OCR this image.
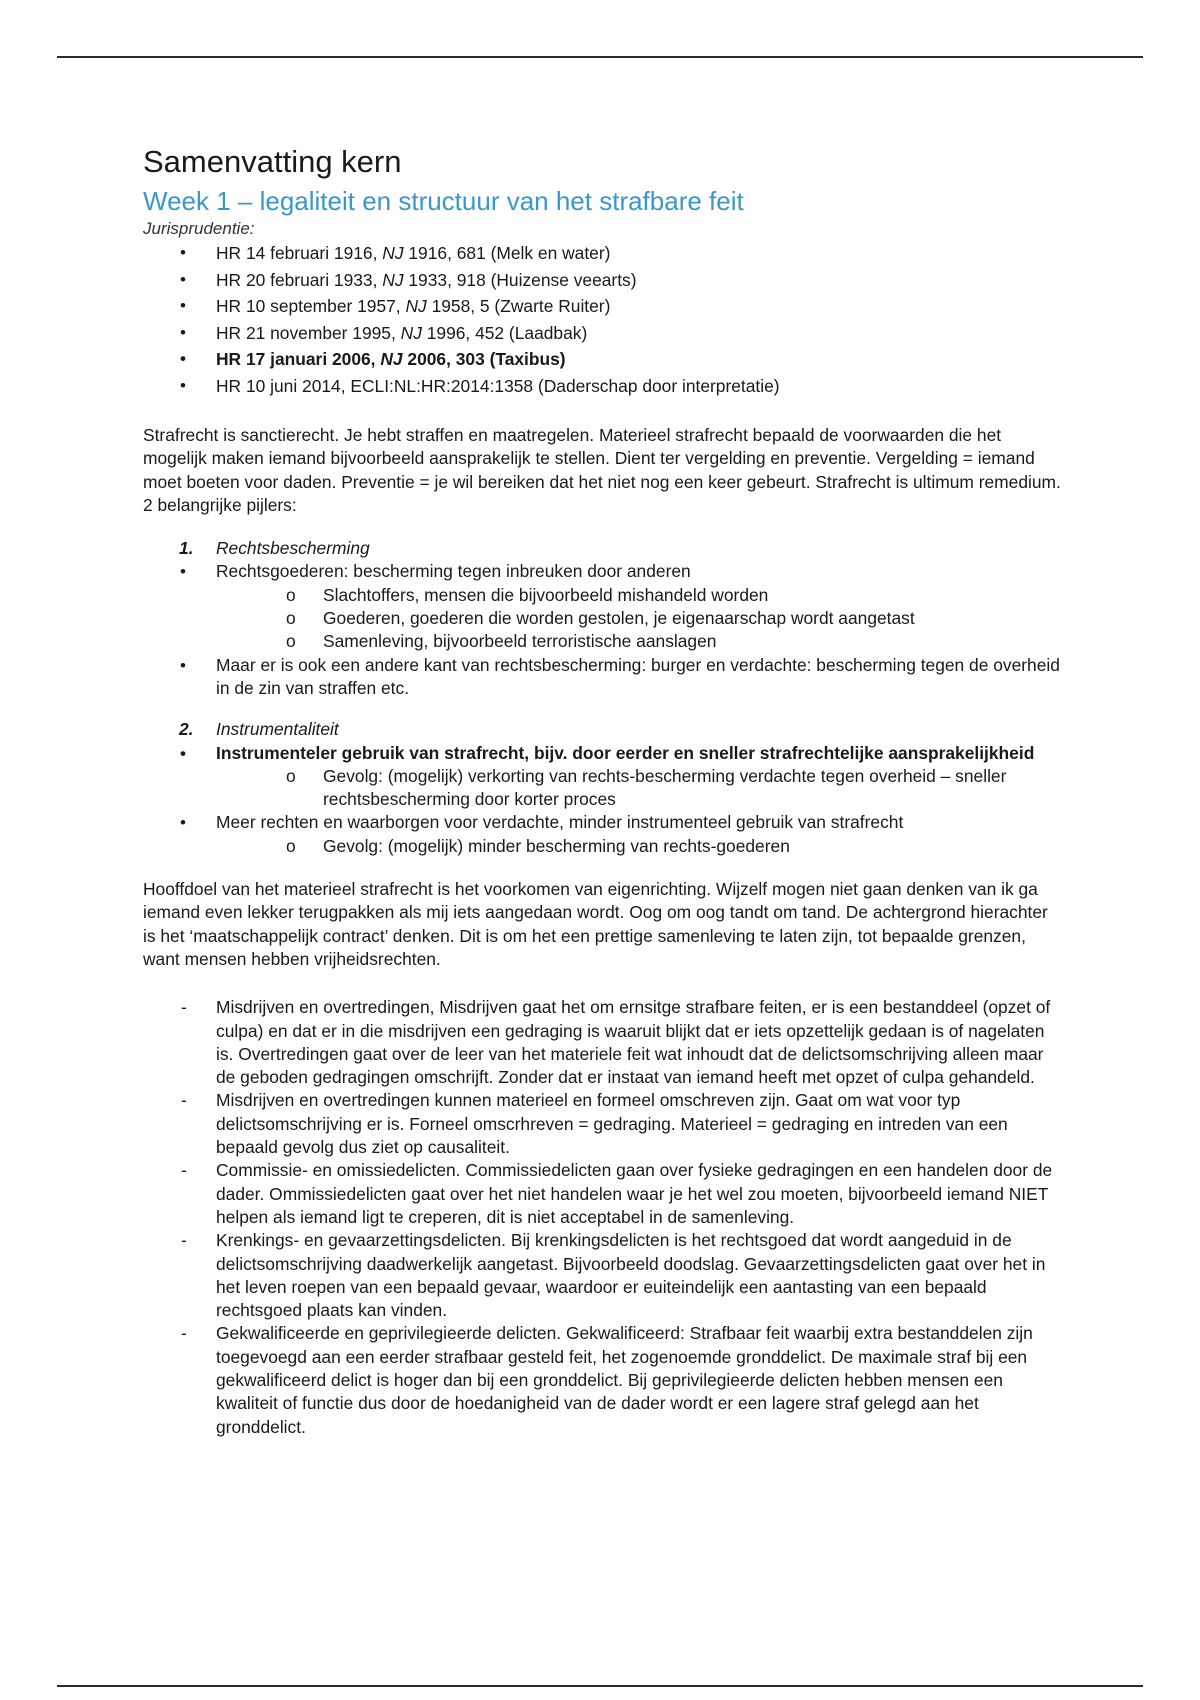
Samenvatting kern
Week 1 – legaliteit en structuur van het strafbare feit
Jurisprudentie:
• HR 14 februari 1916, NJ 1916, 681 (Melk en water)
• HR 20 februari 1933, NJ 1933, 918 (Huizense veearts)
• HR 10 september 1957, NJ 1958, 5 (Zwarte Ruiter)
• HR 21 november 1995, NJ 1996, 452 (Laadbak)
• HR 17 januari 2006, NJ 2006, 303 (Taxibus)
• HR 10 juni 2014, ECLI:NL:HR:2014:1358 (Daderschap door interpretatie)

Strafrecht is sanctierecht. Je hebt straffen en maatregelen. Materieel strafrecht bepaald de voorwaarden die het mogelijk maken iemand bijvoorbeeld aansprakelijk te stellen. Dient ter vergelding en preventie. Vergelding = iemand moet boeten voor daden. Preventie = je wil bereiken dat het niet nog een keer gebeurt. Strafrecht is ultimum remedium. 2 belangrijke pijlers:

1. Rechtsbescherming
• Rechtsgoederen: bescherming tegen inbreuken door anderen
o Slachtoffers, mensen die bijvoorbeeld mishandeld worden
o Goederen, goederen die worden gestolen, je eigenaarschap wordt aangetast
o Samenleving, bijvoorbeeld terroristische aanslagen
• Maar er is ook een andere kant van rechtsbescherming: burger en verdachte: bescherming tegen de overheid in de zin van straffen etc.
2. Instrumentaliteit
• Instrumenteler gebruik van strafrecht, bijv. door eerder en sneller strafrechtelijke aansprakelijkheid
o Gevolg: (mogelijk) verkorting van rechts-bescherming verdachte tegen overheid – sneller rechtsbescherming door korter proces
• Meer rechten en waarborgen voor verdachte, minder instrumenteel gebruik van strafrecht
o Gevolg: (mogelijk) minder bescherming van rechts-goederen

Hooffdoel van het materieel strafrecht is het voorkomen van eigenrichting. Wijzelf mogen niet gaan denken van ik ga iemand even lekker terugpakken als mij iets aangedaan wordt. Oog om oog tandt om tand. De achtergrond hierachter is het ‘maatschappelijk contract’ denken. Dit is om het een prettige samenleving te laten zijn, tot bepaalde grenzen, want mensen hebben vrijheidsrechten.

- Misdrijven en overtredingen, Misdrijven gaat het om ernsitge strafbare feiten, er is een bestanddeel (opzet of culpa) en dat er in die misdrijven een gedraging is waaruit blijkt dat er iets opzettelijk gedaan is of nagelaten is. Overtredingen gaat over de leer van het materiele feit wat inhoudt dat de delictsomschrijving alleen maar de geboden gedragingen omschrijft. Zonder dat er instaat van iemand heeft met opzet of culpa gehandeld.
- Misdrijven en overtredingen kunnen materieel en formeel omschreven zijn. Gaat om wat voor typ delictsomschrijving er is. Forneel omscrhreven = gedraging. Materieel = gedraging en intreden van een bepaald gevolg dus ziet op causaliteit.
- Commissie- en omissiedelicten. Commissiedelicten gaan over fysieke gedragingen en een handelen door de dader. Ommissiedelicten gaat over het niet handelen waar je het wel zou moeten, bijvoorbeeld iemand NIET helpen als iemand ligt te creperen, dit is niet acceptabel in de samenleving.
- Krenkings- en gevaarzettingsdelicten. Bij krenkingsdelicten is het rechtsgoed dat wordt aangeduid in de delictsomschrijving daadwerkelijk aangetast. Bijvoorbeeld doodslag. Gevaarzettingsdelicten gaat over het in het leven roepen van een bepaald gevaar, waardoor er euiteindelijk een aantasting van een bepaald rechtsgoed plaats kan vinden.
- Gekwalificeerde en geprivilegieerde delicten. Gekwalificeerd: Strafbaar feit waarbij extra bestanddelen zijn toegevoegd aan een eerder strafbaar gesteld feit, het zogenoemde gronddelict. De maximale straf bij een gekwalificeerd delict is hoger dan bij een gronddelict. Bij geprivilegieerde delicten hebben mensen een kwaliteit of functie dus door de hoedanigheid van de dader wordt er een lagere straf gelegd aan het gronddelict.
